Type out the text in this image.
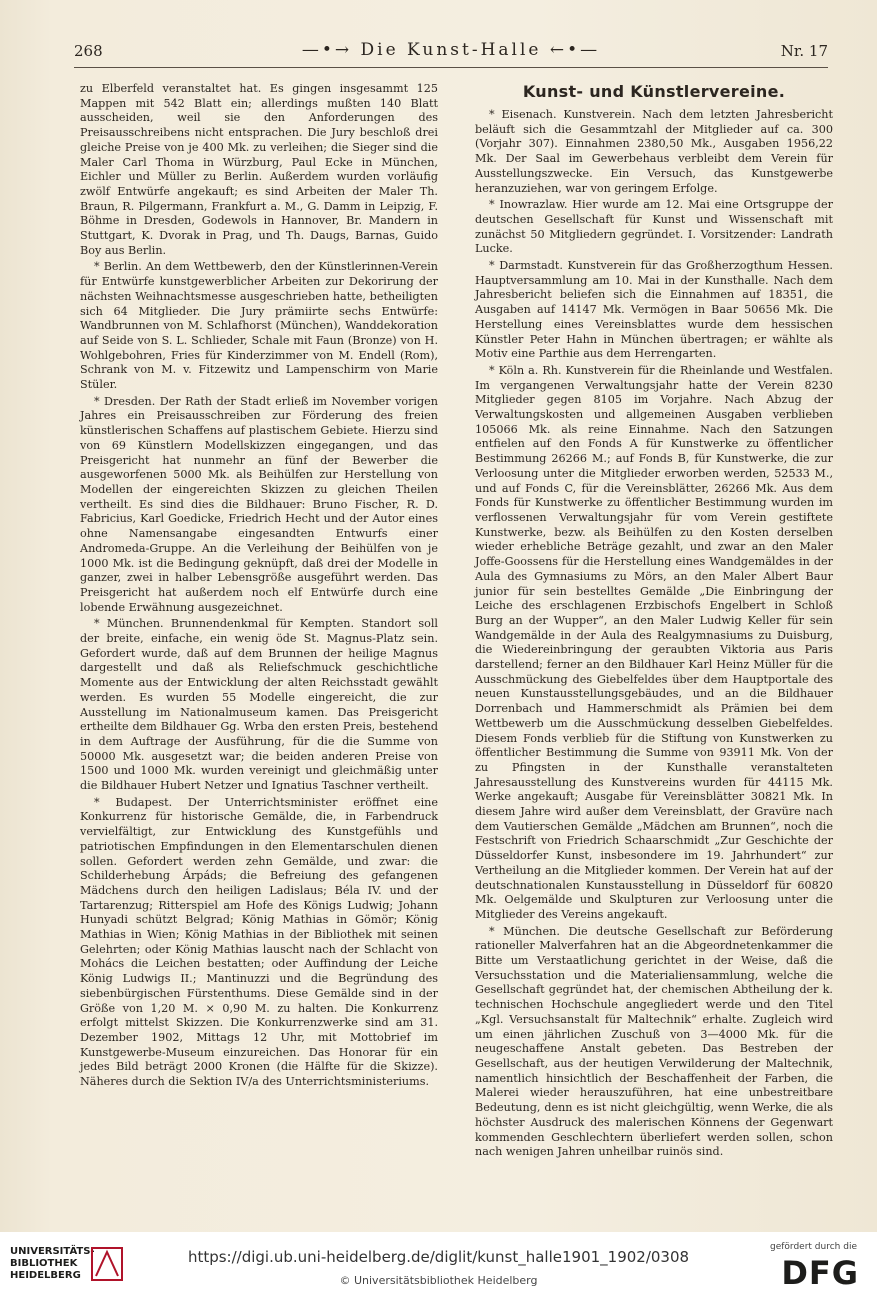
268	—•→ Die Kunst-Halle ←•—	Nr. 17

zu Elberfeld veranstaltet hat. Es gingen insgesammt 125 Mappen mit 542 Blatt ein; allerdings mußten 140 Blatt ausscheiden, weil sie den Anforderungen des Preisausschreibens nicht entsprachen. Die Jury beschloß drei gleiche Preise von je 400 Mk. zu verleihen; die Sieger sind die Maler Carl Thoma in Würzburg, Paul Ecke in München, Eichler und Müller zu Berlin. Außerdem wurden vorläufig zwölf Entwürfe angekauft; es sind Arbeiten der Maler Th. Braun, R. Pilgermann, Frankfurt a. M., G. Damm in Leipzig, F. Böhme in Dresden, Godewols in Hannover, Br. Mandern in Stuttgart, K. Dvorak in Prag, und Th. Daugs, Barnas, Guido Boy aus Berlin.

* Berlin. An dem Wettbewerb, den der Künstlerinnen-Verein für Entwürfe kunstgewerblicher Arbeiten zur Dekorirung der nächsten Weihnachtsmesse ausgeschrieben hatte, betheiligten sich 64 Mitglieder. Die Jury prämiirte sechs Entwürfe: Wandbrunnen von M. Schlafhorst (München), Wanddekoration auf Seide von S. L. Schlieder, Schale mit Faun (Bronze) von H. Wohlgebohren, Fries für Kinderzimmer von M. Endell (Rom), Schrank von M. v. Fitzewitz und Lampenschirm von Marie Stüler.

* Dresden. Der Rath der Stadt erließ im November vorigen Jahres ein Preisausschreiben zur Förderung des freien künstlerischen Schaffens auf plastischem Gebiete. Hierzu sind von 69 Künstlern Modellskizzen eingegangen, und das Preisgericht hat nunmehr an fünf der Bewerber die ausgeworfenen 5000 Mk. als Beihülfen zur Herstellung von Modellen der eingereichten Skizzen zu gleichen Theilen vertheilt. Es sind dies die Bildhauer: Bruno Fischer, R. D. Fabricius, Karl Goedicke, Friedrich Hecht und der Autor eines ohne Namensangabe eingesandten Entwurfs einer Andromeda-Gruppe. An die Verleihung der Beihülfen von je 1000 Mk. ist die Bedingung geknüpft, daß drei der Modelle in ganzer, zwei in halber Lebensgröße ausgeführt werden. Das Preisgericht hat außerdem noch elf Entwürfe durch eine lobende Erwähnung ausgezeichnet.

* München. Brunnendenkmal für Kempten. Standort soll der breite, einfache, ein wenig öde St. Magnus-Platz sein. Gefordert wurde, daß auf dem Brunnen der heilige Magnus dargestellt und daß als Reliefschmuck geschichtliche Momente aus der Entwicklung der alten Reichsstadt gewählt werden. Es wurden 55 Modelle eingereicht, die zur Ausstellung im Nationalmuseum kamen. Das Preisgericht ertheilte dem Bildhauer Gg. Wrba den ersten Preis, bestehend in dem Auftrage der Ausführung, für die die Summe von 50000 Mk. ausgesetzt war; die beiden anderen Preise von 1500 und 1000 Mk. wurden vereinigt und gleichmäßig unter die Bildhauer Hubert Netzer und Ignatius Taschner vertheilt.

* Budapest. Der Unterrichtsminister eröffnet eine Konkurrenz für historische Gemälde, die, in Farbendruck vervielfältigt, zur Entwicklung des Kunstgefühls und patriotischen Empfindungen in den Elementarschulen dienen sollen. Gefordert werden zehn Gemälde, und zwar: die Schilderhebung Árpáds; die Befreiung des gefangenen Mädchens durch den heiligen Ladislaus; Béla IV. und der Tartarenzug; Ritterspiel am Hofe des Königs Ludwig; Johann Hunyadi schützt Belgrad; König Mathias in Gömör; König Mathias in Wien; König Mathias in der Bibliothek mit seinen Gelehrten; oder König Mathias lauscht nach der Schlacht von Mohács die Leichen bestatten; oder Auffindung der Leiche König Ludwigs II.; Mantinuzzi und die Begründung des siebenbürgischen Fürstenthums. Diese Gemälde sind in der Größe von 1,20 M. × 0,90 M. zu halten. Die Konkurrenz erfolgt mittelst Skizzen. Die Konkurrenzwerke sind am 31. Dezember 1902, Mittags 12 Uhr, mit Mottobrief im Kunstgewerbe-Museum einzureichen. Das Honorar für ein jedes Bild beträgt 2000 Kronen (die Hälfte für die Skizze). Näheres durch die Sektion IV/a des Unterrichtsministeriums.

Kunst- und Künstlervereine.

* Eisenach. Kunstverein. Nach dem letzten Jahresbericht beläuft sich die Gesammtzahl der Mitglieder auf ca. 300 (Vorjahr 307). Einnahmen 2380,50 Mk., Ausgaben 1956,22 Mk. Der Saal im Gewerbehaus verbleibt dem Verein für Ausstellungszwecke. Ein Versuch, das Kunstgewerbe heranzuziehen, war von geringem Erfolge.

* Inowrazlaw. Hier wurde am 12. Mai eine Ortsgruppe der deutschen Gesellschaft für Kunst und Wissenschaft mit zunächst 50 Mitgliedern gegründet. I. Vorsitzender: Landrath Lucke.

* Darmstadt. Kunstverein für das Großherzogthum Hessen. Hauptversammlung am 10. Mai in der Kunsthalle. Nach dem Jahresbericht beliefen sich die Einnahmen auf 18351, die Ausgaben auf 14147 Mk. Vermögen in Baar 50656 Mk. Die Herstellung eines Vereinsblattes wurde dem hessischen Künstler Peter Hahn in München übertragen; er wählte als Motiv eine Parthie aus dem Herrengarten.

* Köln a. Rh. Kunstverein für die Rheinlande und Westfalen. Im vergangenen Verwaltungsjahr hatte der Verein 8230 Mitglieder gegen 8105 im Vorjahre. Nach Abzug der Verwaltungskosten und allgemeinen Ausgaben verblieben 105066 Mk. als reine Einnahme. Nach den Satzungen entfielen auf den Fonds A für Kunstwerke zu öffentlicher Bestimmung 26266 M.; auf Fonds B, für Kunstwerke, die zur Verloosung unter die Mitglieder erworben werden, 52533 M., und auf Fonds C, für die Vereinsblätter, 26266 Mk. Aus dem Fonds für Kunstwerke zu öffentlicher Bestimmung wurden im verflossenen Verwaltungsjahr für vom Verein gestiftete Kunstwerke, bezw. als Beihülfen zu den Kosten derselben wieder erhebliche Beträge gezahlt, und zwar an den Maler Joffe-Goossens für die Herstellung eines Wandgemäldes in der Aula des Gymnasiums zu Mörs, an den Maler Albert Baur junior für sein bestelltes Gemälde „Die Einbringung der Leiche des erschlagenen Erzbischofs Engelbert in Schloß Burg an der Wupper“, an den Maler Ludwig Keller für sein Wandgemälde in der Aula des Realgymnasiums zu Duisburg, die Wiedereinbringung der geraubten Viktoria aus Paris darstellend; ferner an den Bildhauer Karl Heinz Müller für die Ausschmückung des Giebelfeldes über dem Hauptportale des neuen Kunstausstellungsgebäudes, und an die Bildhauer Dorrenbach und Hammerschmidt als Prämien bei dem Wettbewerb um die Ausschmückung desselben Giebelfeldes. Diesem Fonds verblieb für die Stiftung von Kunstwerken zu öffentlicher Bestimmung die Summe von 93911 Mk. Von der zu Pfingsten in der Kunsthalle veranstalteten Jahresausstellung des Kunstvereins wurden für 44115 Mk. Werke angekauft; Ausgabe für Vereinsblätter 30821 Mk. In diesem Jahre wird außer dem Vereinsblatt, der Gravüre nach dem Vautierschen Gemälde „Mädchen am Brunnen“, noch die Festschrift von Friedrich Schaarschmidt „Zur Geschichte der Düsseldorfer Kunst, insbesondere im 19. Jahrhundert“ zur Vertheilung an die Mitglieder kommen. Der Verein hat auf der deutschnationalen Kunstausstellung in Düsseldorf für 60820 Mk. Oelgemälde und Skulpturen zur Verloosung unter die Mitglieder des Vereins angekauft.

* München. Die deutsche Gesellschaft zur Beförderung rationeller Malverfahren hat an die Abgeordnetenkammer die Bitte um Verstaatlichung gerichtet in der Weise, daß die Versuchsstation und die Materialiensammlung, welche die Gesellschaft gegründet hat, der chemischen Abtheilung der k. technischen Hochschule angegliedert werde und den Titel „Kgl. Versuchsanstalt für Maltechnik“ erhalte. Zugleich wird um einen jährlichen Zuschuß von 3—4000 Mk. für die neugeschaffene Anstalt gebeten. Das Bestreben der Gesellschaft, aus der heutigen Verwilderung der Maltechnik, namentlich hinsichtlich der Beschaffenheit der Farben, die Malerei wieder herauszuführen, hat eine unbestreitbare Bedeutung, denn es ist nicht gleichgültig, wenn Werke, die als höchster Ausdruck des malerischen Könnens der Gegenwart kommenden Geschlechtern überliefert werden sollen, schon nach wenigen Jahren unheilbar ruinös sind.

UNIVERSITÄTS-
BIBLIOTHEK
HEIDELBERG
https://digi.ub.uni-heidelberg.de/diglit/kunst_halle1901_1902/0308
© Universitätsbibliothek Heidelberg
gefördert durch die
DFG
